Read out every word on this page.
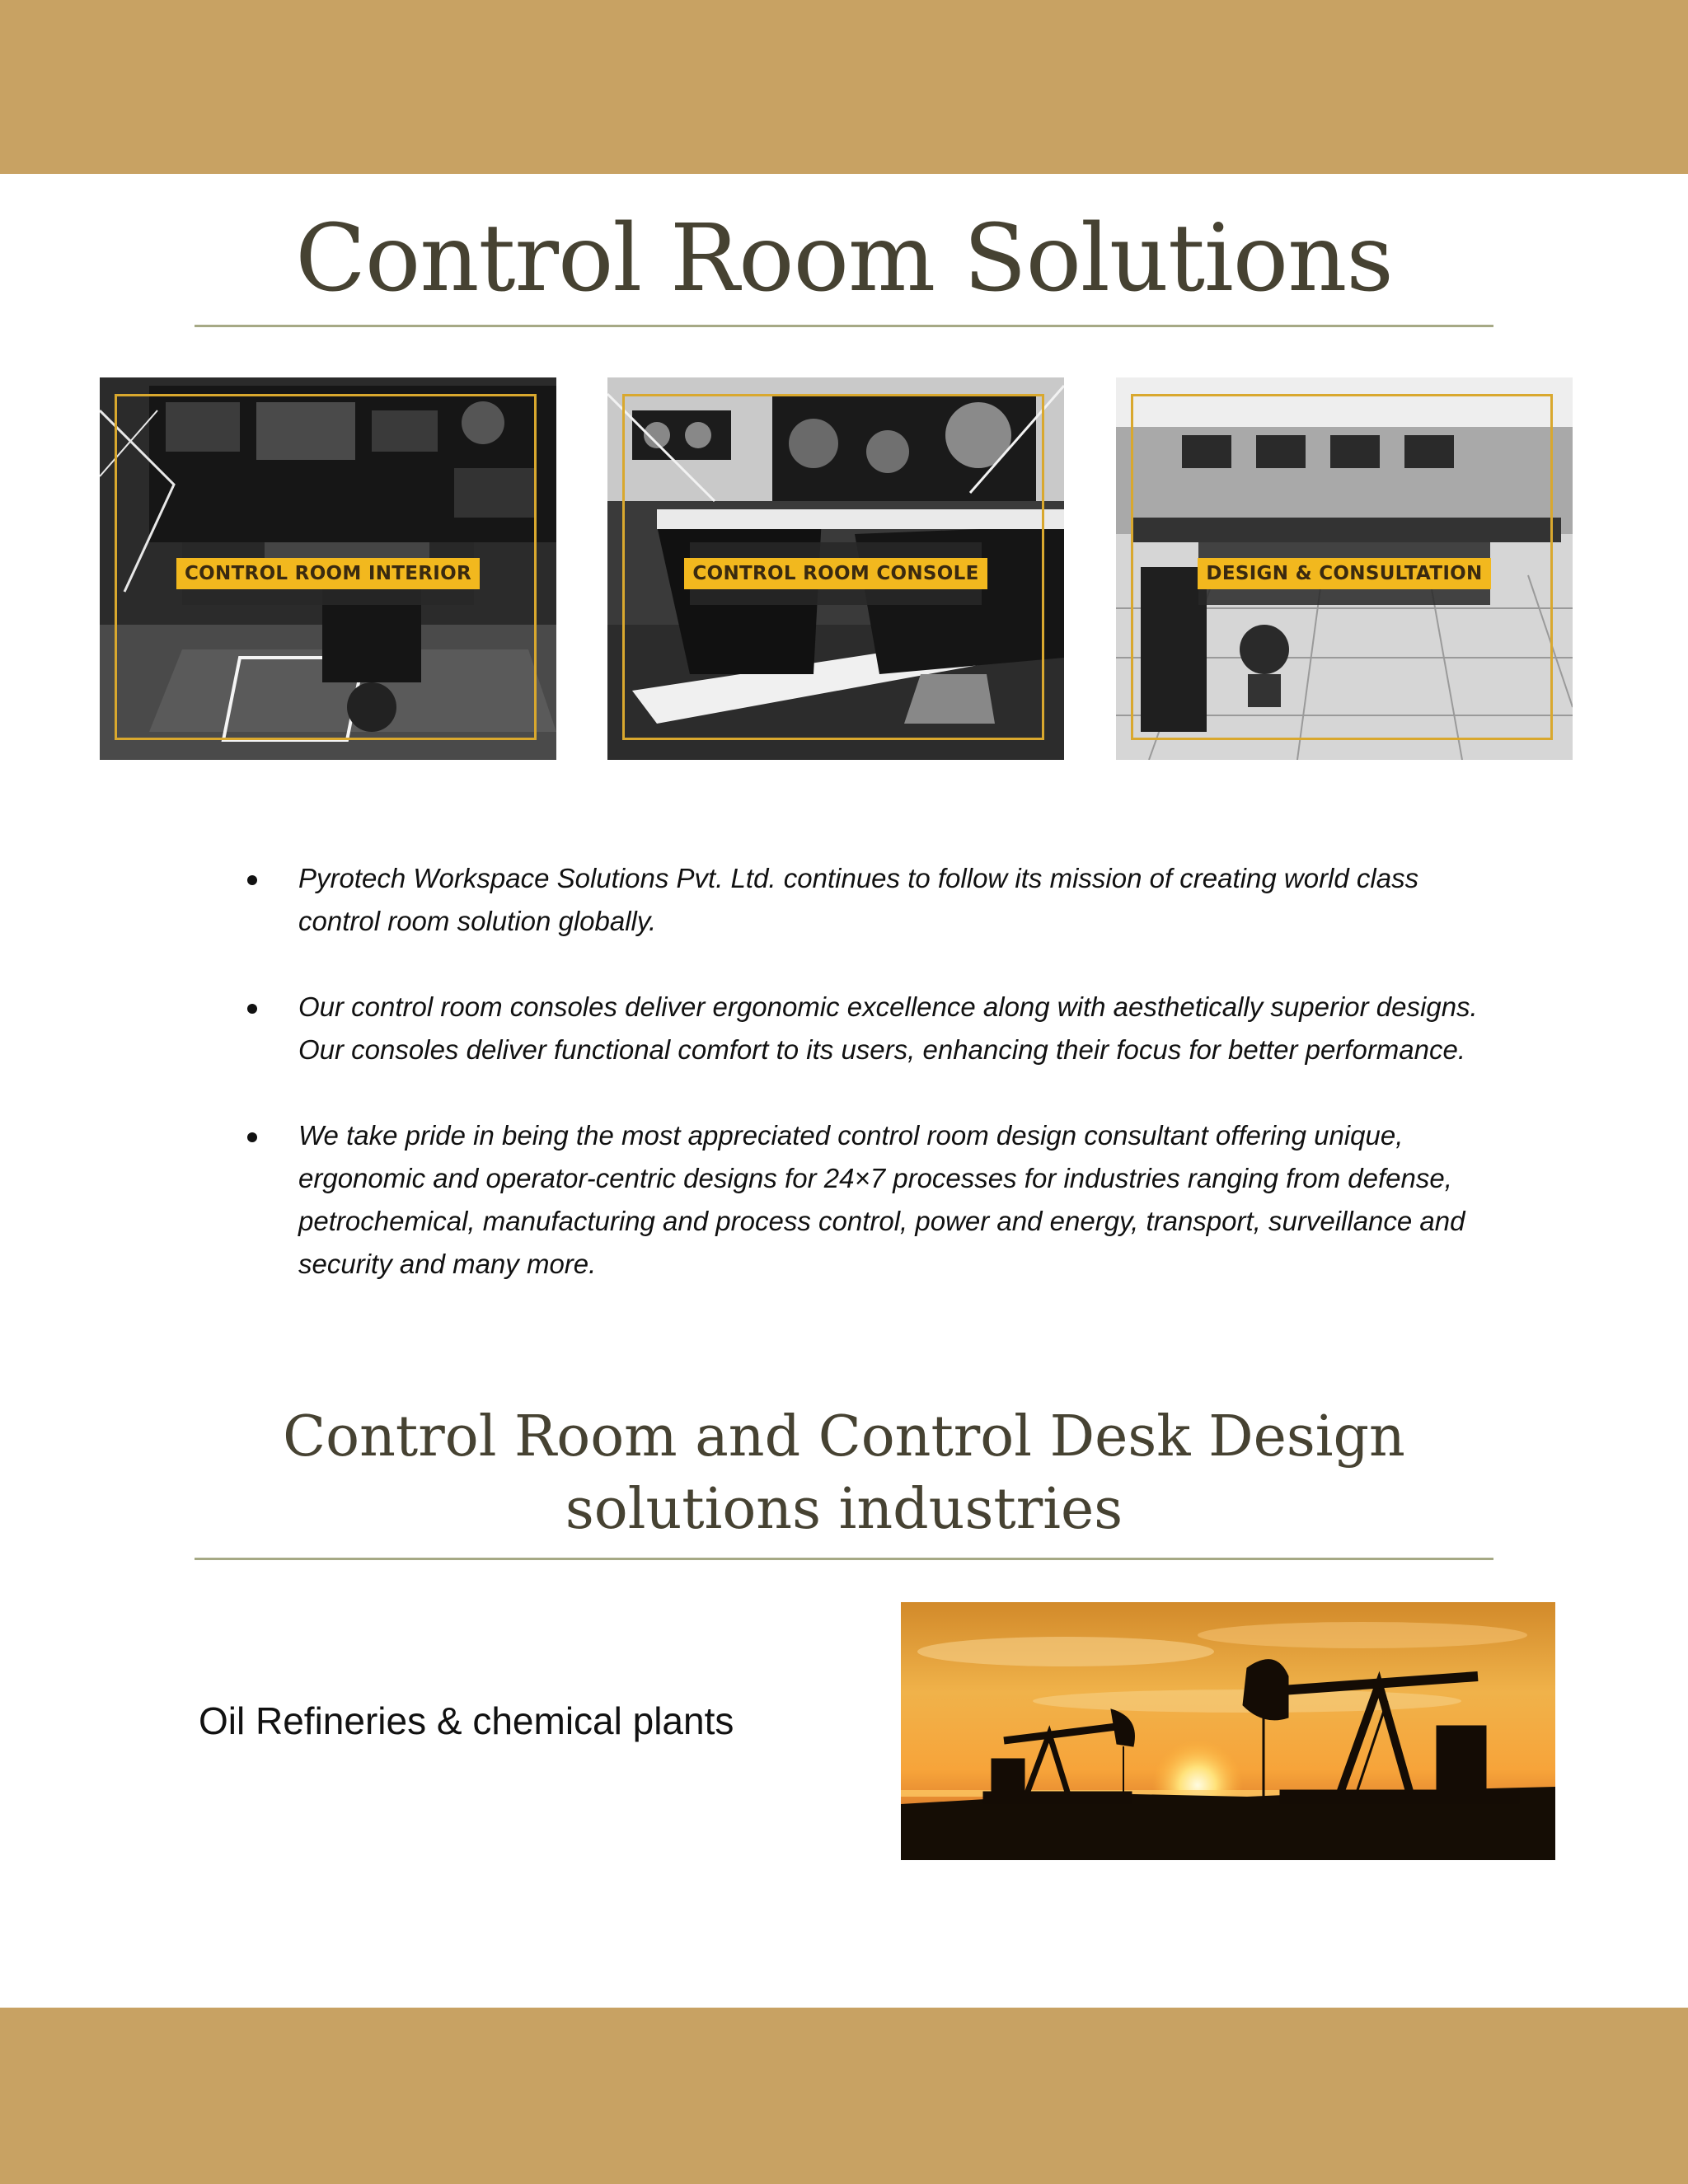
Control Room Solutions
CONTROL ROOM INTERIOR	CONTROL ROOM CONSOLE	DESIGN & CONSULTATION
Pyrotech Workspace Solutions Pvt. Ltd. continues to follow its mission of creating world class control room solution globally.
Our control room consoles deliver ergonomic excellence along with aesthetically superior designs. Our consoles deliver functional comfort to its users, enhancing their focus for better performance.
We take pride in being the most appreciated control room design consultant offering unique, ergonomic and operator-centric designs for 24×7 processes for industries ranging from defense, petrochemical, manufacturing and process control, power and energy, transport, surveillance and security and many more.
Control Room and Control Desk Design solutions industries
Oil Refineries & chemical plants
